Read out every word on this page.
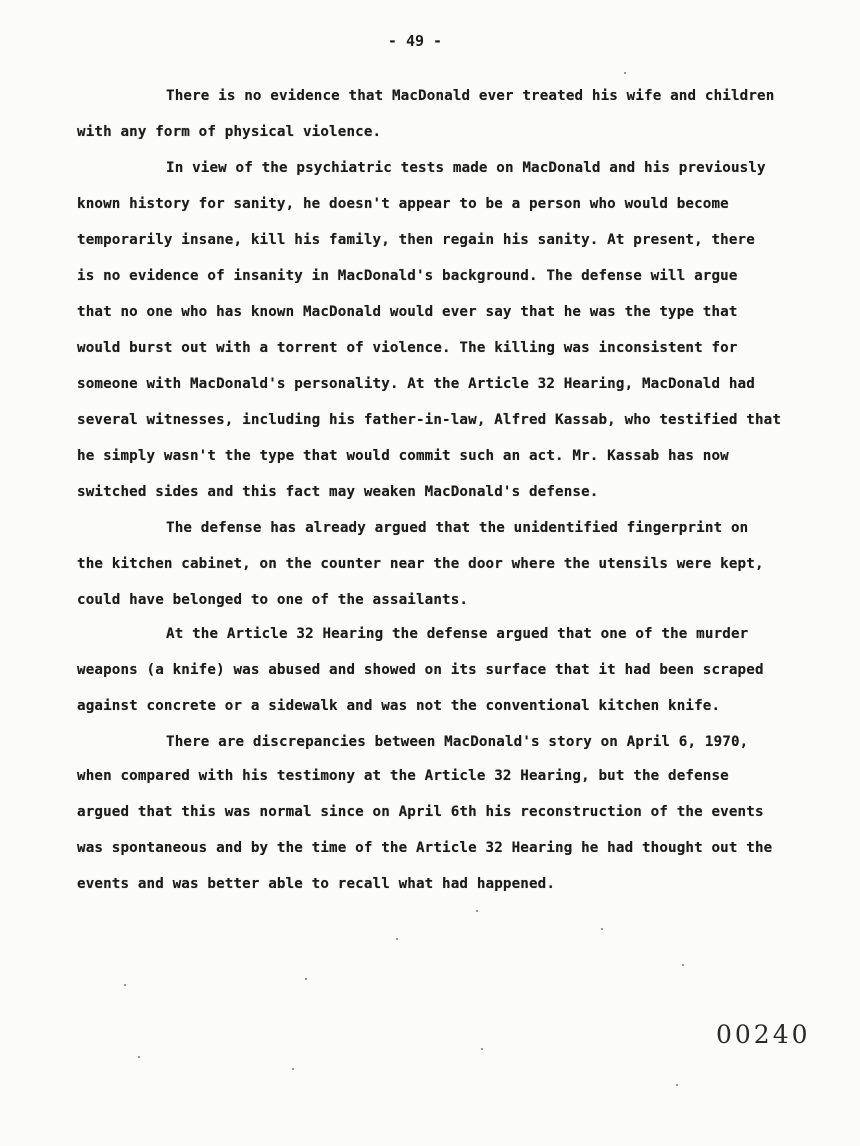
- 49 -
There is no evidence that MacDonald ever treated his wife and children
with any form of physical violence.
In view of the psychiatric tests made on MacDonald and his previously
known history for sanity, he doesn't appear to be a person who would become
temporarily insane, kill his family, then regain his sanity. At present, there
is no evidence of insanity in MacDonald's background. The defense will argue
that no one who has known MacDonald would ever say that he was the type that
would burst out with a torrent of violence. The killing was inconsistent for
someone with MacDonald's personality. At the Article 32 Hearing, MacDonald had
several witnesses, including his father-in-law, Alfred Kassab, who testified that
he simply wasn't the type that would commit such an act. Mr. Kassab has now
switched sides and this fact may weaken MacDonald's defense.
The defense has already argued that the unidentified fingerprint on
the kitchen cabinet, on the counter near the door where the utensils were kept,
could have belonged to one of the assailants.
At the Article 32 Hearing the defense argued that one of the murder
weapons (a knife) was abused and showed on its surface that it had been scraped
against concrete or a sidewalk and was not the conventional kitchen knife.
There are discrepancies between MacDonald's story on April 6, 1970,
when compared with his testimony at the Article 32 Hearing, but the defense
argued that this was normal since on April 6th his reconstruction of the events
was spontaneous and by the time of the Article 32 Hearing he had thought out the
events and was better able to recall what had happened.
00240
